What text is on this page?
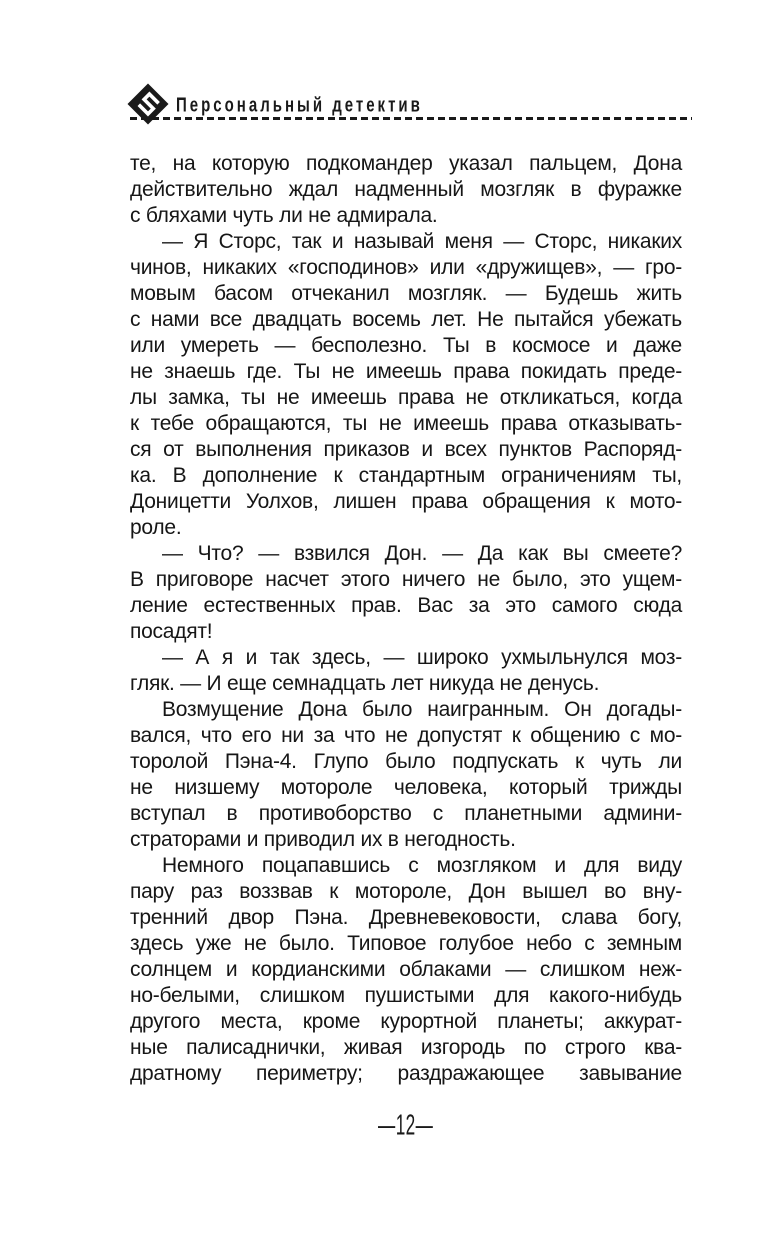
Персональный детектив
те, на которую подкомандер указал пальцем, Дона
действительно ждал надменный мозгляк в фуражке
с бляхами чуть ли не адмирала.
— Я Сторс, так и называй меня — Сторс, никаких
чинов, никаких «господинов» или «дружищев», — гро-
мовым басом отчеканил мозгляк. — Будешь жить
с нами все двадцать восемь лет. Не пытайся убежать
или умереть — бесполезно. Ты в космосе и даже
не знаешь где. Ты не имеешь права покидать преде-
лы замка, ты не имеешь права не откликаться, когда
к тебе обращаются, ты не имеешь права отказывать-
ся от выполнения приказов и всех пунктов Распоряд-
ка. В дополнение к стандартным ограничениям ты,
Доницетти Уолхов, лишен права обращения к мото-
роле.
— Что? — взвился Дон. — Да как вы смеете?
В приговоре насчет этого ничего не было, это ущем-
ление естественных прав. Вас за это самого сюда
посадят!
— А я и так здесь, — широко ухмыльнулся моз-
гляк. — И еще семнадцать лет никуда не денусь.
Возмущение Дона было наигранным. Он догады-
вался, что его ни за что не допустят к общению с мо-
торолой Пэна-4. Глупо было подпускать к чуть ли
не низшему мотороле человека, который трижды
вступал в противоборство с планетными админи-
страторами и приводил их в негодность.
Немного поцапавшись с мозгляком и для виду
пару раз воззвав к мотороле, Дон вышел во вну-
тренний двор Пэна. Древневековости, слава богу,
здесь уже не было. Типовое голубое небо с земным
солнцем и кордианскими облаками — слишком неж-
но-белыми, слишком пушистыми для какого-нибудь
другого места, кроме курортной планеты; аккурат-
ные палисаднички, живая изгородь по строго ква-
дратному периметру; раздражающее завывание
—12—
